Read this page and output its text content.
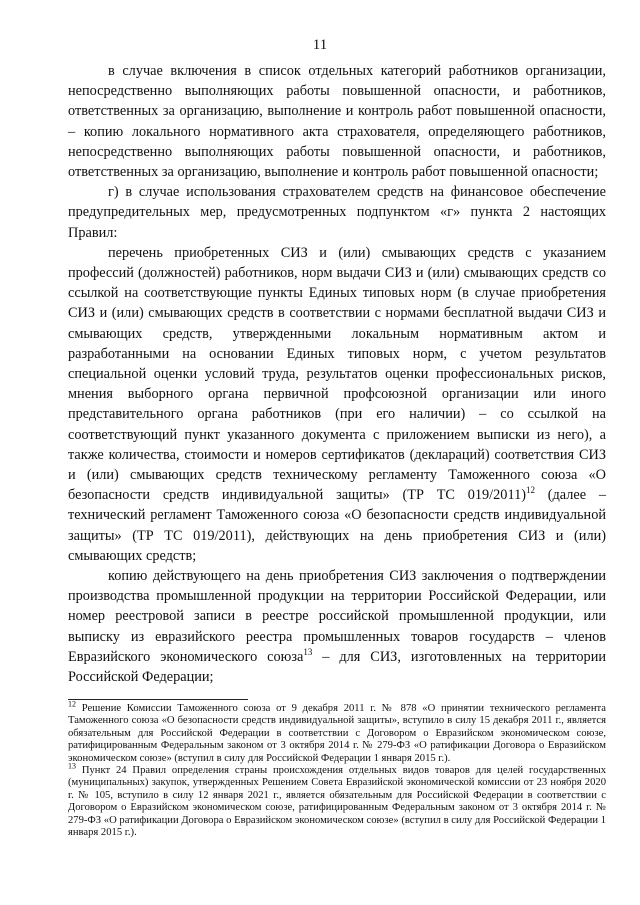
11

в случае включения в список отдельных категорий работников организации, непосредственно выполняющих работы повышенной опасности, и работников, ответственных за организацию, выполнение и контроль работ повышенной опасности, – копию локального нормативного акта страхователя, определяющего работников, непосредственно выполняющих работы повышенной опасности, и работников, ответственных за организацию, выполнение и контроль работ повышенной опасности;

г) в случае использования страхователем средств на финансовое обеспечение предупредительных мер, предусмотренных подпунктом «г» пункта 2 настоящих Правил:

перечень приобретенных СИЗ и (или) смывающих средств с указанием профессий (должностей) работников, норм выдачи СИЗ и (или) смывающих средств со ссылкой на соответствующие пункты Единых типовых норм (в случае приобретения СИЗ и (или) смывающих средств в соответствии с нормами бесплатной выдачи СИЗ и смывающих средств, утвержденными локальным нормативным актом и разработанными на основании Единых типовых норм, с учетом результатов специальной оценки условий труда, результатов оценки профессиональных рисков, мнения выборного органа первичной профсоюзной организации или иного представительного органа работников (при его наличии) – со ссылкой на соответствующий пункт указанного документа с приложением выписки из него), а также количества, стоимости и номеров сертификатов (деклараций) соответствия СИЗ и (или) смывающих средств техническому регламенту Таможенного союза «О безопасности средств индивидуальной защиты» (ТР ТС 019/2011)$^{12}$ (далее – технический регламент Таможенного союза «О безопасности средств индивидуальной защиты» (ТР ТС 019/2011), действующих на день приобретения СИЗ и (или) смывающих средств;

копию действующего на день приобретения СИЗ заключения о подтверждении производства промышленной продукции на территории Российской Федерации, или номер реестровой записи в реестре российской промышленной продукции, или выписку из евразийского реестра промышленных товаров государств – членов Евразийского экономического союза$^{13}$ – для СИЗ, изготовленных на территории Российской Федерации;

$^{12}$ Решение Комиссии Таможенного союза от 9 декабря 2011 г. № 878 «О принятии технического регламента Таможенного союза «О безопасности средств индивидуальной защиты», вступило в силу 15 декабря 2011 г., является обязательным для Российской Федерации в соответствии с Договором о Евразийском экономическом союзе, ратифицированным Федеральным законом от 3 октября 2014 г. № 279-ФЗ «О ратификации Договора о Евразийском экономическом союзе» (вступил в силу для Российской Федерации 1 января 2015 г.).

$^{13}$ Пункт 24 Правил определения страны происхождения отдельных видов товаров для целей государственных (муниципальных) закупок, утвержденных Решением Совета Евразийской экономической комиссии от 23 ноября 2020 г. № 105, вступило в силу 12 января 2021 г., является обязательным для Российской Федерации в соответствии с Договором о Евразийском экономическом союзе, ратифицированным Федеральным законом от 3 октября 2014 г. № 279-ФЗ «О ратификации Договора о Евразийском экономическом союзе» (вступил в силу для Российской Федерации 1 января 2015 г.).
